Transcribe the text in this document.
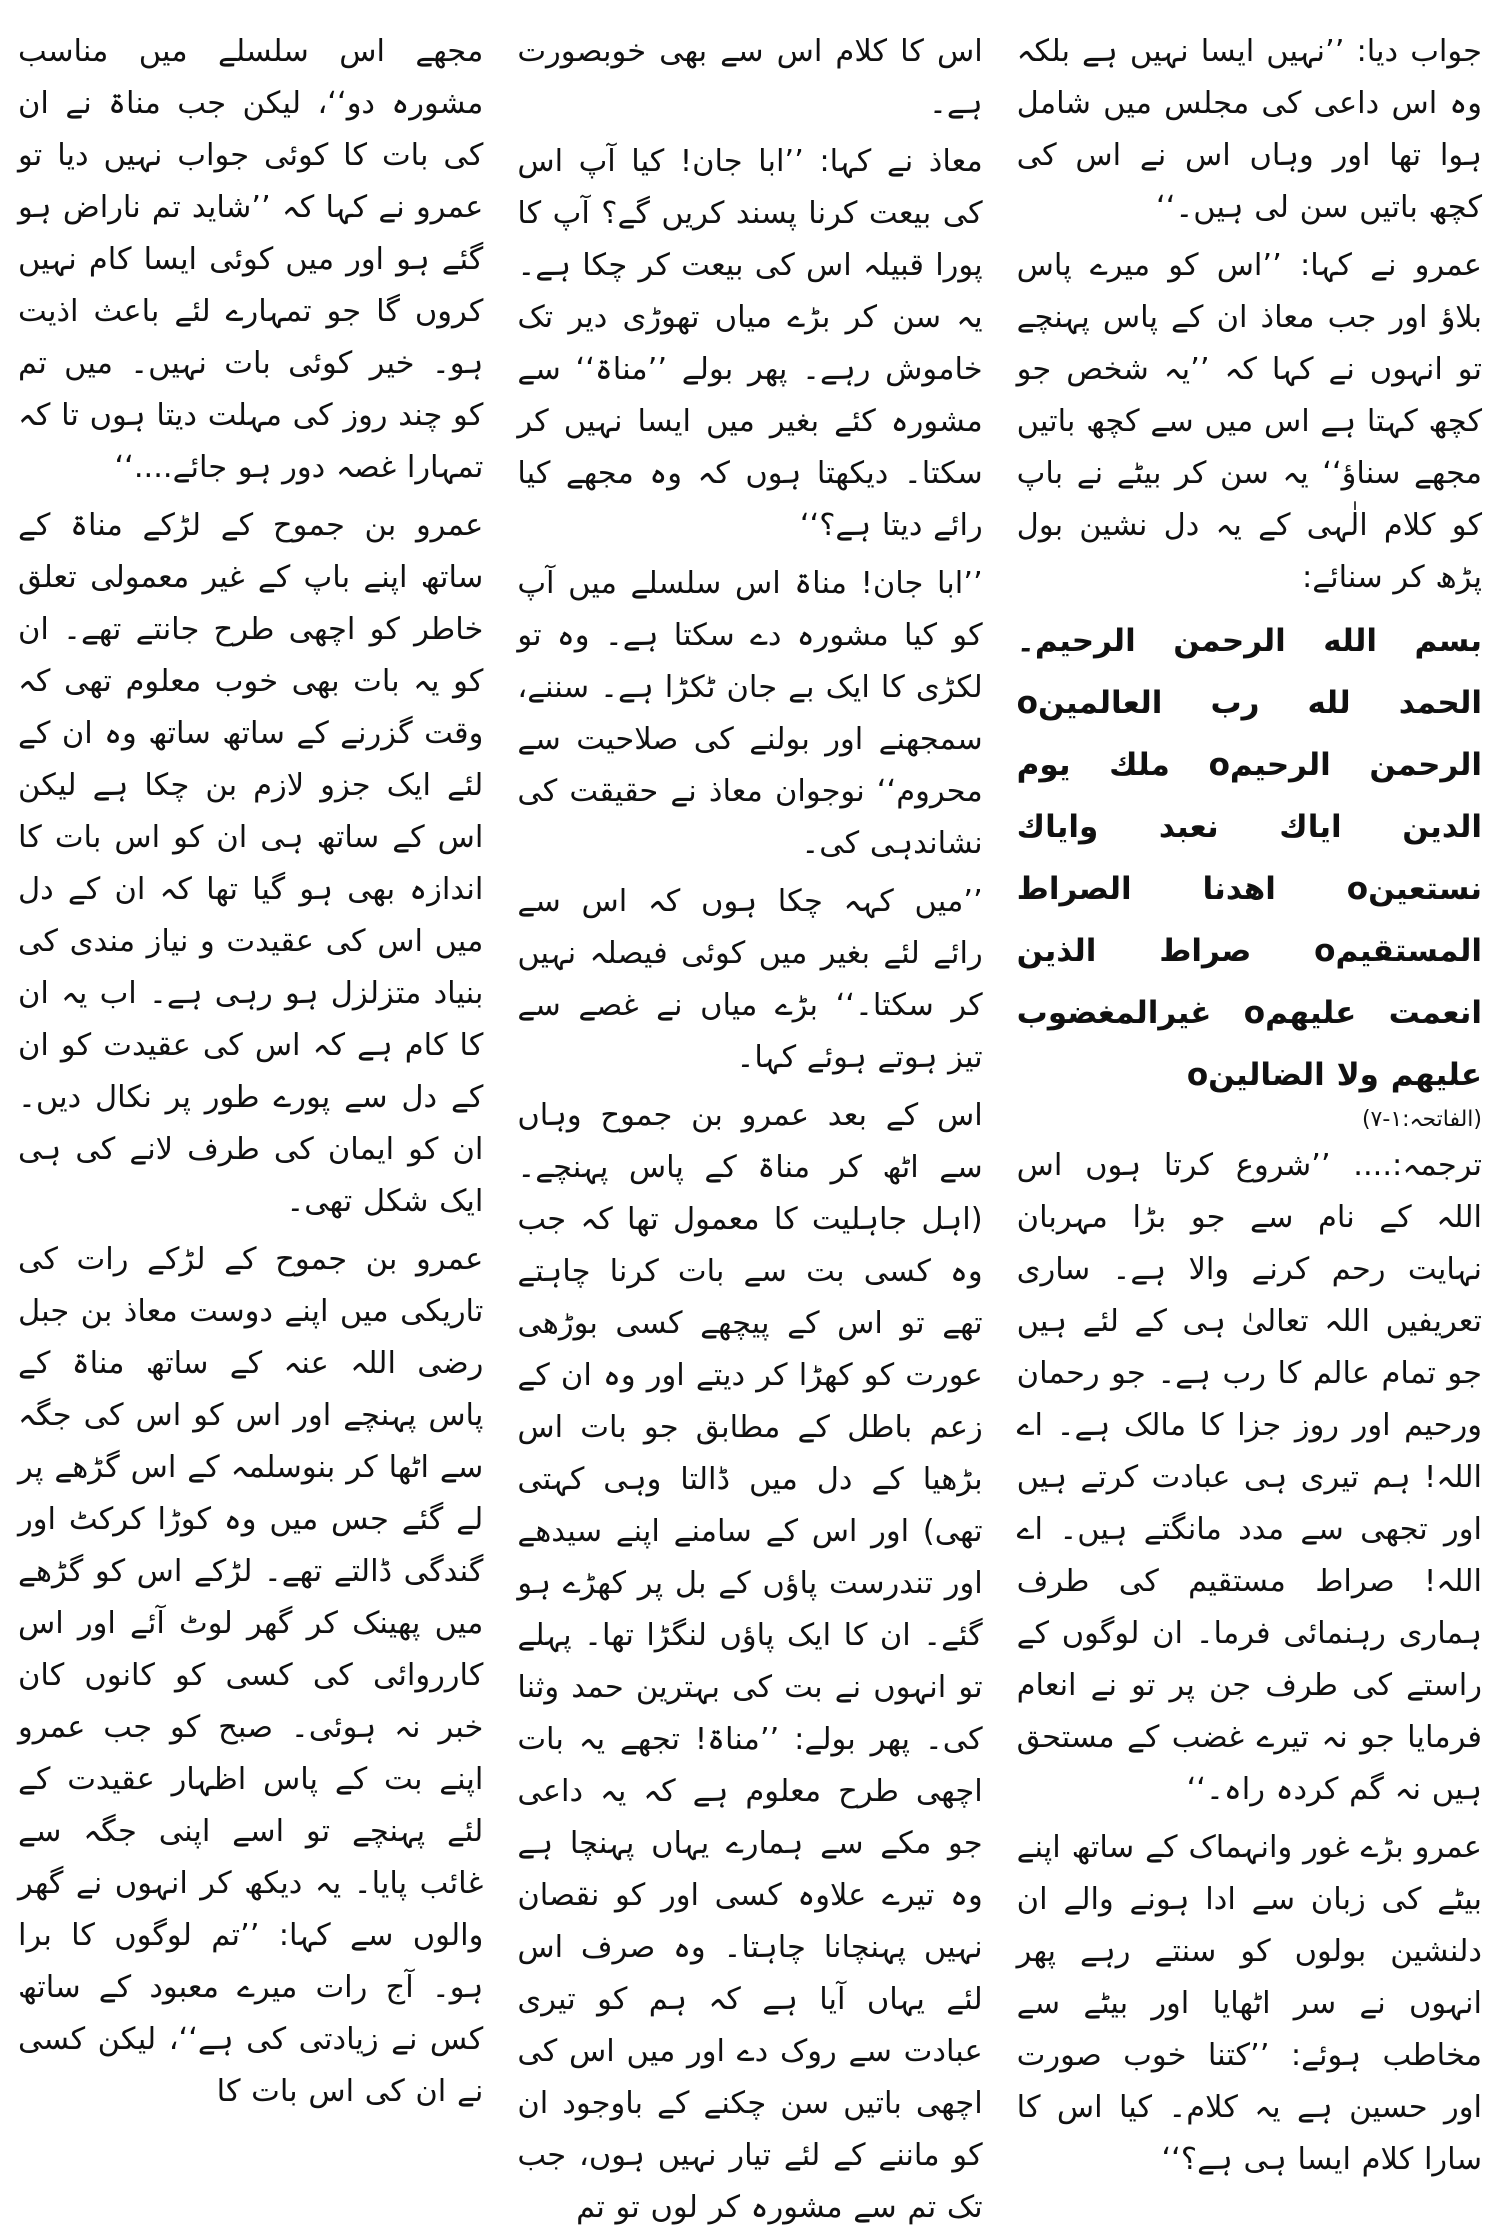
جواب دیا: ’’نہیں ایسا نہیں ہے بلکہ وہ اس داعی کی مجلس میں شامل ہوا تھا اور وہاں اس نے اس کی کچھ باتیں سن لی ہیں۔‘‘

عمرو نے کہا: ’’اس کو میرے پاس بلاؤ اور جب معاذ ان کے پاس پہنچے تو انہوں نے کہا کہ ’’یہ شخص جو کچھ کہتا ہے اس میں سے کچھ باتیں مجھے سناؤ‘‘ یہ سن کر بیٹے نے باپ کو کلام الٰہی کے یہ دل نشین بول پڑھ کر سنائے:

بسم الله الرحمن الرحيم۔ الحمد لله رب العالمينo الرحمن الرحيمo ملك يوم الدين اياك نعبد واياك نستعينo اهدنا الصراط المستقيمo صراط الذين انعمت عليهمo غيرالمغضوب عليهم ولا الضالينo

(الفاتحہ:۱-۷)

ترجمہ:.... ’’شروع کرتا ہوں اس اللہ کے نام سے جو بڑا مہربان نہایت رحم کرنے والا ہے۔ ساری تعریفیں اللہ تعالیٰ ہی کے لئے ہیں جو تمام عالم کا رب ہے۔ جو رحمان ورحیم اور روز جزا کا مالک ہے۔ اے اللہ! ہم تیری ہی عبادت کرتے ہیں اور تجھی سے مدد مانگتے ہیں۔ اے اللہ! صراط مستقیم کی طرف ہماری رہنمائی فرما۔ ان لوگوں کے راستے کی طرف جن پر تو نے انعام فرمایا جو نہ تیرے غضب کے مستحق ہیں نہ گم کردہ راہ۔‘‘

عمرو بڑے غور وانہماک کے ساتھ اپنے بیٹے کی زبان سے ادا ہونے والے ان دلنشین بولوں کو سنتے رہے پھر انہوں نے سر اٹھایا اور بیٹے سے مخاطب ہوئے: ’’کتنا خوب صورت اور حسین ہے یہ کلام۔ کیا اس کا سارا کلام ایسا ہی ہے؟‘‘

اس کا کلام اس سے بھی خوبصورت ہے۔

معاذ نے کہا: ’’ابا جان! کیا آپ اس کی بیعت کرنا پسند کریں گے؟ آپ کا پورا قبیلہ اس کی بیعت کر چکا ہے۔ یہ سن کر بڑے میاں تھوڑی دیر تک خاموش رہے۔ پھر بولے ’’مناۃ‘‘ سے مشورہ کئے بغیر میں ایسا نہیں کر سکتا۔ دیکھتا ہوں کہ وہ مجھے کیا رائے دیتا ہے؟‘‘

’’ابا جان! مناۃ اس سلسلے میں آپ کو کیا مشورہ دے سکتا ہے۔ وہ تو لکڑی کا ایک بے جان ٹکڑا ہے۔ سننے، سمجھنے اور بولنے کی صلاحیت سے محروم‘‘ نوجوان معاذ نے حقیقت کی نشاندہی کی۔

’’میں کہہ چکا ہوں کہ اس سے رائے لئے بغیر میں کوئی فیصلہ نہیں کر سکتا۔‘‘ بڑے میاں نے غصے سے تیز ہوتے ہوئے کہا۔

اس کے بعد عمرو بن جموح وہاں سے اٹھ کر مناۃ کے پاس پہنچے۔ (اہل جاہلیت کا معمول تھا کہ جب وہ کسی بت سے بات کرنا چاہتے تھے تو اس کے پیچھے کسی بوڑھی عورت کو کھڑا کر دیتے اور وہ ان کے زعم باطل کے مطابق جو بات اس بڑھیا کے دل میں ڈالتا وہی کہتی تھی) اور اس کے سامنے اپنے سیدھے اور تندرست پاؤں کے بل پر کھڑے ہو گئے۔ ان کا ایک پاؤں لنگڑا تھا۔ پہلے تو انہوں نے بت کی بہترین حمد وثنا کی۔ پھر بولے: ’’مناۃ! تجھے یہ بات اچھی طرح معلوم ہے کہ یہ داعی جو مکے سے ہمارے یہاں پہنچا ہے وہ تیرے علاوہ کسی اور کو نقصان نہیں پہنچانا چاہتا۔ وہ صرف اس لئے یہاں آیا ہے کہ ہم کو تیری عبادت سے روک دے اور میں اس کی اچھی باتیں سن چکنے کے باوجود ان کو ماننے کے لئے تیار نہیں ہوں، جب تک تم سے مشورہ کر لوں تو تم

مجھے اس سلسلے میں مناسب مشورہ دو‘‘، لیکن جب مناۃ نے ان کی بات کا کوئی جواب نہیں دیا تو عمرو نے کہا کہ ’’شاید تم ناراض ہو گئے ہو اور میں کوئی ایسا کام نہیں کروں گا جو تمہارے لئے باعث اذیت ہو۔ خیر کوئی بات نہیں۔ میں تم کو چند روز کی مہلت دیتا ہوں تا کہ تمہارا غصہ دور ہو جائے....‘‘

عمرو بن جموح کے لڑکے مناۃ کے ساتھ اپنے باپ کے غیر معمولی تعلق خاطر کو اچھی طرح جانتے تھے۔ ان کو یہ بات بھی خوب معلوم تھی کہ وقت گزرنے کے ساتھ ساتھ وہ ان کے لئے ایک جزو لازم بن چکا ہے لیکن اس کے ساتھ ہی ان کو اس بات کا اندازہ بھی ہو گیا تھا کہ ان کے دل میں اس کی عقیدت و نیاز مندی کی بنیاد متزلزل ہو رہی ہے۔ اب یہ ان کا کام ہے کہ اس کی عقیدت کو ان کے دل سے پورے طور پر نکال دیں۔ ان کو ایمان کی طرف لانے کی ہی ایک شکل تھی۔

عمرو بن جموح کے لڑکے رات کی تاریکی میں اپنے دوست معاذ بن جبل رضی اللہ عنہ کے ساتھ مناۃ کے پاس پہنچے اور اس کو اس کی جگہ سے اٹھا کر بنوسلمہ کے اس گڑھے پر لے گئے جس میں وہ کوڑا کرکٹ اور گندگی ڈالتے تھے۔ لڑکے اس کو گڑھے میں پھینک کر گھر لوٹ آئے اور اس کارروائی کی کسی کو کانوں کان خبر نہ ہوئی۔ صبح کو جب عمرو اپنے بت کے پاس اظہار عقیدت کے لئے پہنچے تو اسے اپنی جگہ سے غائب پایا۔ یہ دیکھ کر انہوں نے گھر والوں سے کہا: ’’تم لوگوں کا برا ہو۔ آج رات میرے معبود کے ساتھ کس نے زیادتی کی ہے‘‘، لیکن کسی نے ان کی اس بات کا
